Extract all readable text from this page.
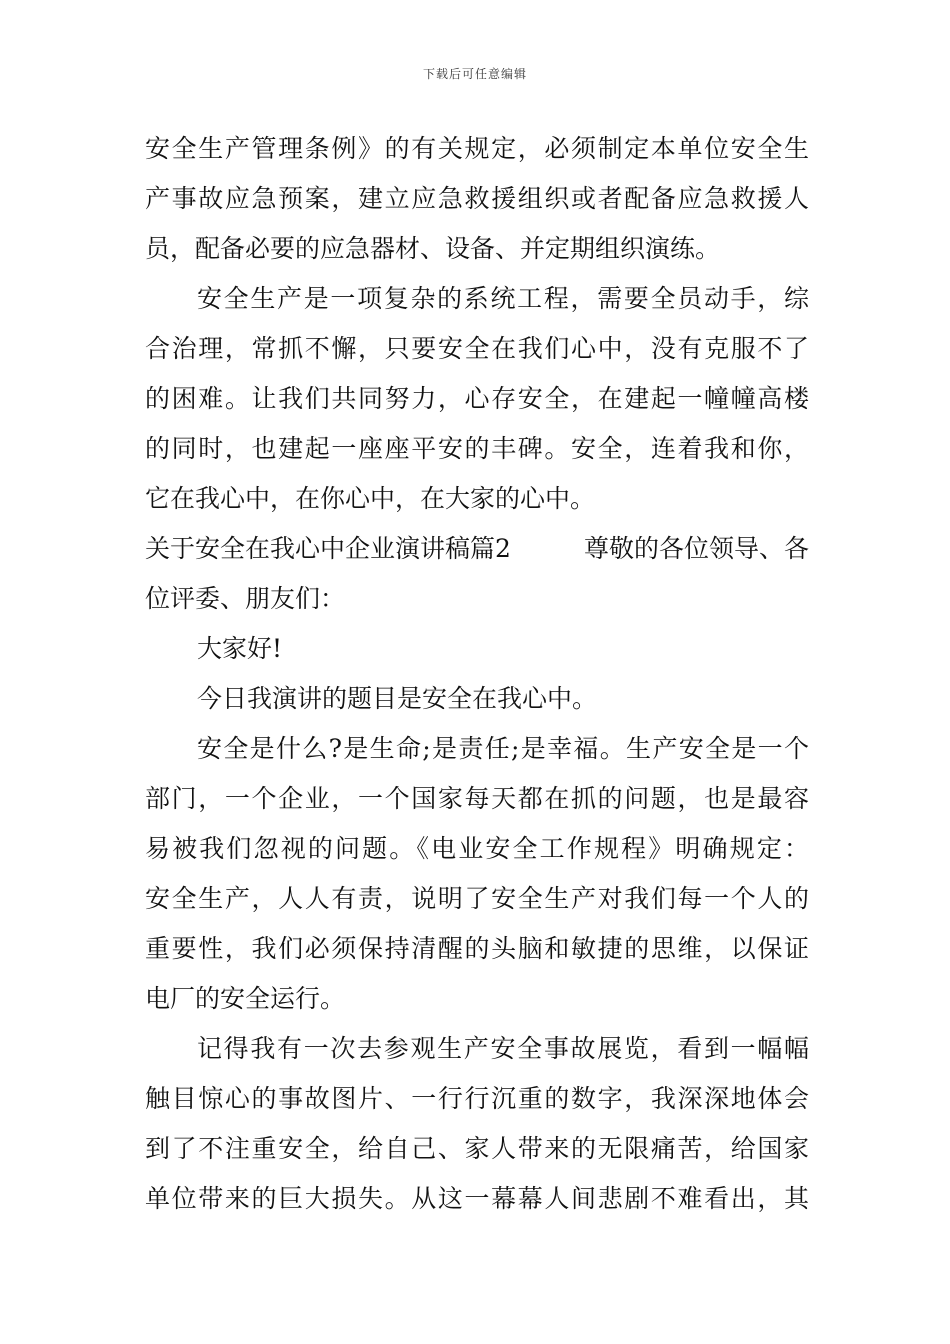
下载后可任意编辑
安全生产管理条例》的有关规定，必须制定本单位安全生
产事故应急预案，建立应急救援组织或者配备应急救援人
员，配备必要的应急器材、设备、并定期组织演练。
安全生产是一项复杂的系统工程，需要全员动手，综
合治理，常抓不懈，只要安全在我们心中，没有克服不了
的困难。让我们共同努力，心存安全，在建起一幢幢高楼
的同时，也建起一座座平安的丰碑。安全，连着我和你，
它在我心中，在你心中，在大家的心中。
关于安全在我心中企业演讲稿篇2	尊敬的各位领导、各
位评委、朋友们：
大家好!
今日我演讲的题目是安全在我心中。
安全是什么?是生命;是责任;是幸福。生产安全是一个
部门，一个企业，一个国家每天都在抓的问题，也是最容
易被我们忽视的问题。《电业安全工作规程》明确规定：
安全生产，人人有责，说明了安全生产对我们每一个人的
重要性，我们必须保持清醒的头脑和敏捷的思维，以保证
电厂的安全运行。
记得我有一次去参观生产安全事故展览，看到一幅幅
触目惊心的事故图片、一行行沉重的数字，我深深地体会
到了不注重安全，给自己、家人带来的无限痛苦，给国家
单位带来的巨大损失。从这一幕幕人间悲剧不难看出，其
